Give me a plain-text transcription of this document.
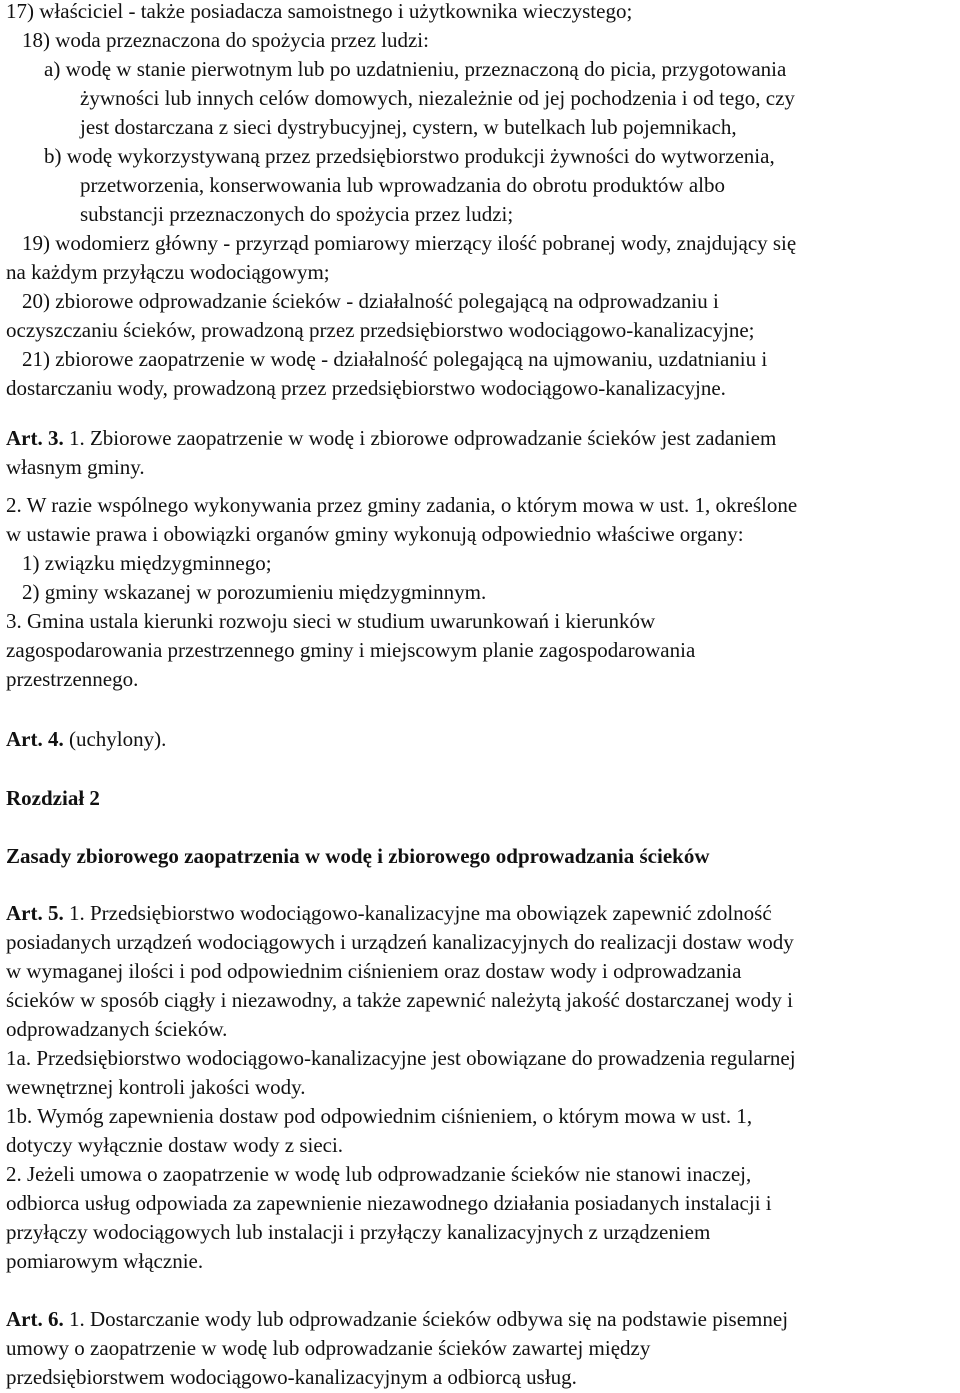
17) właściciel - także posiadacza samoistnego i użytkownika wieczystego;
18) woda przeznaczona do spożycia przez ludzi:
a) wodę w stanie pierwotnym lub po uzdatnieniu, przeznaczoną do picia, przygotowania
żywności lub innych celów domowych, niezależnie od jej pochodzenia i od tego, czy
jest dostarczana z sieci dystrybucyjnej, cystern, w butelkach lub pojemnikach,
b) wodę wykorzystywaną przez przedsiębiorstwo produkcji żywności do wytworzenia,
przetworzenia, konserwowania lub wprowadzania do obrotu produktów albo
substancji przeznaczonych do spożycia przez ludzi;
19) wodomierz główny - przyrząd pomiarowy mierzący ilość pobranej wody, znajdujący się
na każdym przyłączu wodociągowym;
20) zbiorowe odprowadzanie ścieków - działalność polegającą na odprowadzaniu i
oczyszczaniu ścieków, prowadzoną przez przedsiębiorstwo wodociągowo-kanalizacyjne;
21) zbiorowe zaopatrzenie w wodę - działalność polegającą na ujmowaniu, uzdatnianiu i
dostarczaniu wody, prowadzoną przez przedsiębiorstwo wodociągowo-kanalizacyjne.
Art. 3. 1. Zbiorowe zaopatrzenie w wodę i zbiorowe odprowadzanie ścieków jest zadaniem
własnym gminy.
2. W razie wspólnego wykonywania przez gminy zadania, o którym mowa w ust. 1, określone
w ustawie prawa i obowiązki organów gminy wykonują odpowiednio właściwe organy:
1) związku międzygminnego;
2) gminy wskazanej w porozumieniu międzygminnym.
3. Gmina ustala kierunki rozwoju sieci w studium uwarunkowań i kierunków
zagospodarowania przestrzennego gminy i miejscowym planie zagospodarowania
przestrzennego.
Art. 4. (uchylony).
Rozdział 2
Zasady zbiorowego zaopatrzenia w wodę i zbiorowego odprowadzania ścieków
Art. 5. 1. Przedsiębiorstwo wodociągowo-kanalizacyjne ma obowiązek zapewnić zdolność
posiadanych urządzeń wodociągowych i urządzeń kanalizacyjnych do realizacji dostaw wody
w wymaganej ilości i pod odpowiednim ciśnieniem oraz dostaw wody i odprowadzania
ścieków w sposób ciągły i niezawodny, a także zapewnić należytą jakość dostarczanej wody i
odprowadzanych ścieków.
1a. Przedsiębiorstwo wodociągowo-kanalizacyjne jest obowiązane do prowadzenia regularnej
wewnętrznej kontroli jakości wody.
1b. Wymóg zapewnienia dostaw pod odpowiednim ciśnieniem, o którym mowa w ust. 1,
dotyczy wyłącznie dostaw wody z sieci.
2. Jeżeli umowa o zaopatrzenie w wodę lub odprowadzanie ścieków nie stanowi inaczej,
odbiorca usług odpowiada za zapewnienie niezawodnego działania posiadanych instalacji i
przyłączy wodociągowych lub instalacji i przyłączy kanalizacyjnych z urządzeniem
pomiarowym włącznie.
Art. 6. 1. Dostarczanie wody lub odprowadzanie ścieków odbywa się na podstawie pisemnej
umowy o zaopatrzenie w wodę lub odprowadzanie ścieków zawartej między
przedsiębiorstwem wodociągowo-kanalizacyjnym a odbiorcą usług.
